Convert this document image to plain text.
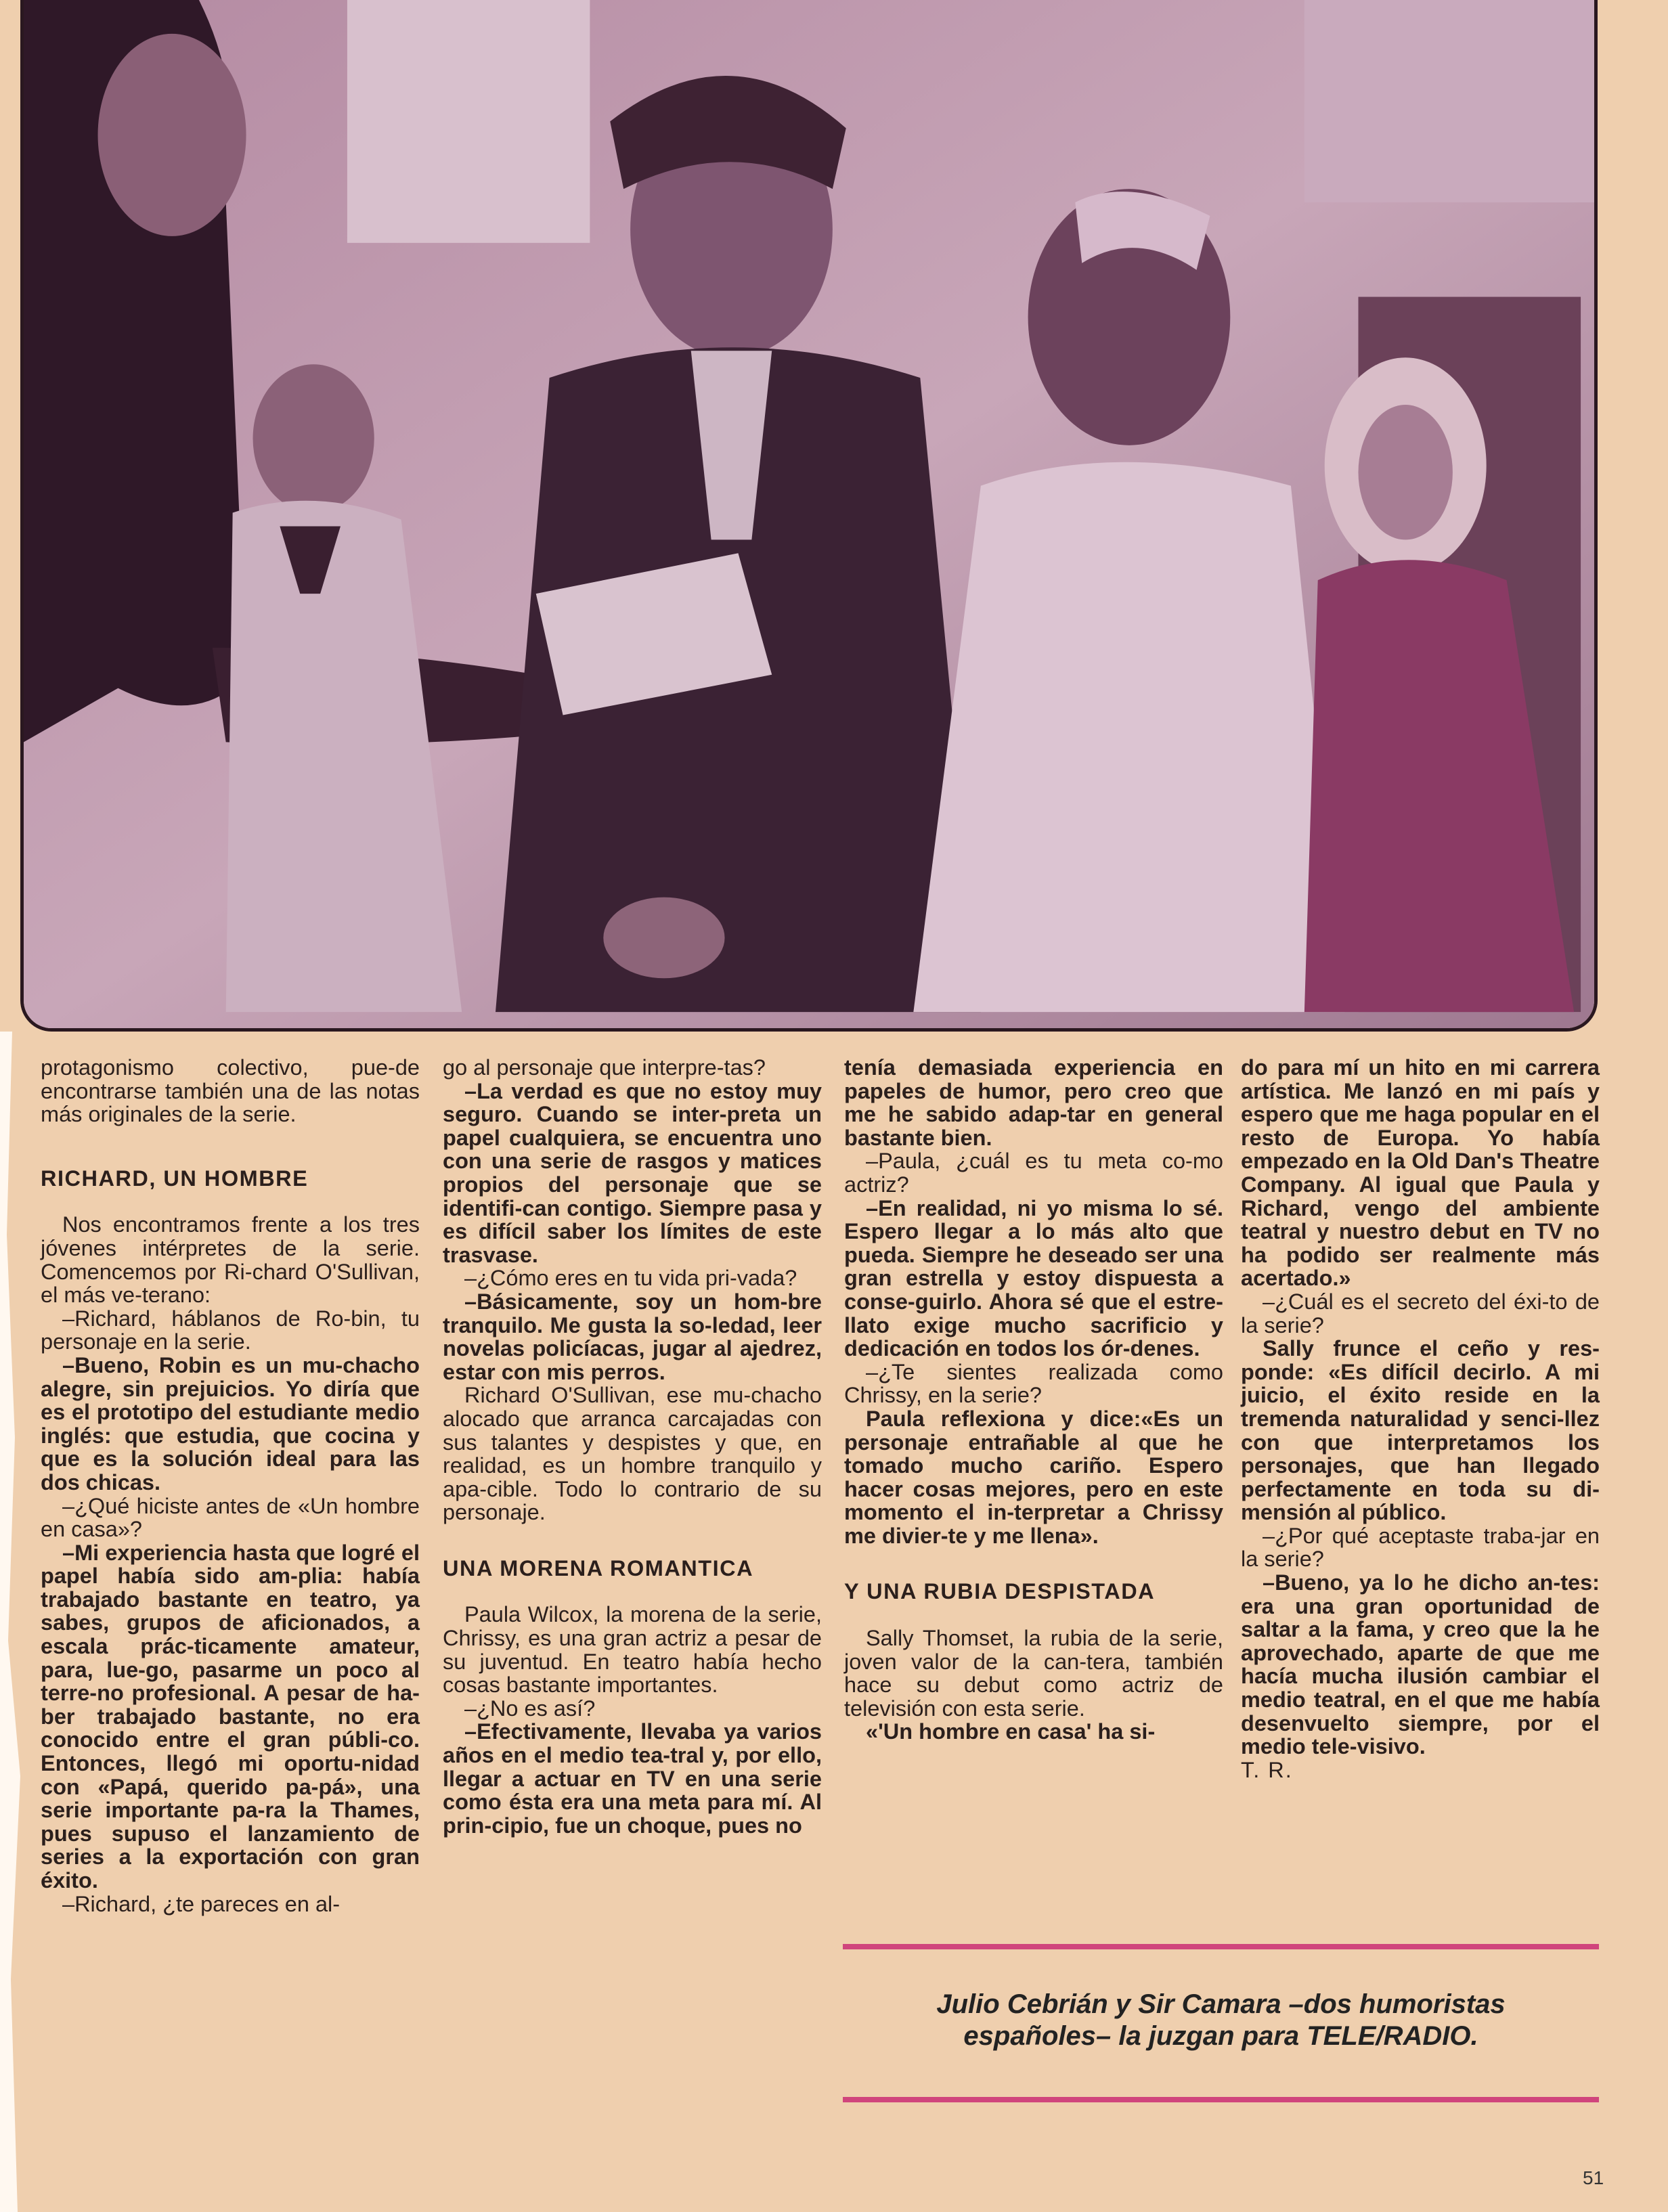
protagonismo colectivo, pue-de encontrarse también una de las notas más originales de la serie.

RICHARD, UN HOMBRE

Nos encontramos frente a los tres jóvenes intérpretes de la serie. Comencemos por Ri-chard O'Sullivan, el más ve-terano:

–Richard, háblanos de Ro-bin, tu personaje en la serie.

–Bueno, Robin es un mu-chacho alegre, sin prejuicios. Yo diría que es el prototipo del estudiante medio inglés: que estudia, que cocina y que es la solución ideal para las dos chicas.

–¿Qué hiciste antes de «Un hombre en casa»?

–Mi experiencia hasta que logré el papel había sido am-plia: había trabajado bastante en teatro, ya sabes, grupos de aficionados, a escala prác-ticamente amateur, para, lue-go, pasarme un poco al terre-no profesional. A pesar de ha-ber trabajado bastante, no era conocido entre el gran públi-co. Entonces, llegó mi oportu-nidad con «Papá, querido pa-pá», una serie importante pa-ra la Thames, pues supuso el lanzamiento de series a la exportación con gran éxito.

–Richard, ¿te pareces en al-

go al personaje que interpre-tas?

–La verdad es que no estoy muy seguro. Cuando se inter-preta un papel cualquiera, se encuentra uno con una serie de rasgos y matices propios del personaje que se identifi-can contigo. Siempre pasa y es difícil saber los límites de este trasvase.

–¿Cómo eres en tu vida pri-vada?

–Básicamente, soy un hom-bre tranquilo. Me gusta la so-ledad, leer novelas policíacas, jugar al ajedrez, estar con mis perros.

Richard O'Sullivan, ese mu-chacho alocado que arranca carcajadas con sus talantes y despistes y que, en realidad, es un hombre tranquilo y apa-cible. Todo lo contrario de su personaje.

UNA MORENA ROMANTICA

Paula Wilcox, la morena de la serie, Chrissy, es una gran actriz a pesar de su juventud. En teatro había hecho cosas bastante importantes.

–¿No es así?

–Efectivamente, llevaba ya varios años en el medio tea-tral y, por ello, llegar a actuar en TV en una serie como ésta era una meta para mí. Al prin-cipio, fue un choque, pues no

tenía demasiada experiencia en papeles de humor, pero creo que me he sabido adap-tar en general bastante bien.

–Paula, ¿cuál es tu meta co-mo actriz?

–En realidad, ni yo misma lo sé. Espero llegar a lo más alto que pueda. Siempre he deseado ser una gran estrella y estoy dispuesta a conse-guirlo. Ahora sé que el estre-llato exige mucho sacrificio y dedicación en todos los ór-denes.

–¿Te sientes realizada como Chrissy, en la serie?

Paula reflexiona y dice:«Es un personaje entrañable al que he tomado mucho cariño. Espero hacer cosas mejores, pero en este momento el in-terpretar a Chrissy me divier-te y me llena».

Y UNA RUBIA DESPISTADA

Sally Thomset, la rubia de la serie, joven valor de la can-tera, también hace su debut como actriz de televisión con esta serie.

«'Un hombre en casa' ha si-

do para mí un hito en mi carrera artística. Me lanzó en mi país y espero que me haga popular en el resto de Europa. Yo había empezado en la Old Dan's Theatre Company. Al igual que Paula y Richard, vengo del ambiente teatral y nuestro debut en TV no ha podido ser realmente más acertado.»

–¿Cuál es el secreto del éxi-to de la serie?

Sally frunce el ceño y res-ponde: «Es difícil decirlo. A mi juicio, el éxito reside en la tremenda naturalidad y senci-llez con que interpretamos los personajes, que han llegado perfectamente en toda su di-mensión al público.

–¿Por qué aceptaste traba-jar en la serie?

–Bueno, ya lo he dicho an-tes: era una gran oportunidad de saltar a la fama, y creo que la he aprovechado, aparte de que me hacía mucha ilusión cambiar el medio teatral, en el que me había desenvuelto siempre, por el medio tele-visivo.

T. R.

Julio Cebrián y Sir Camara –dos humoristas
españoles– la juzgan para TELE/RADIO.
51
